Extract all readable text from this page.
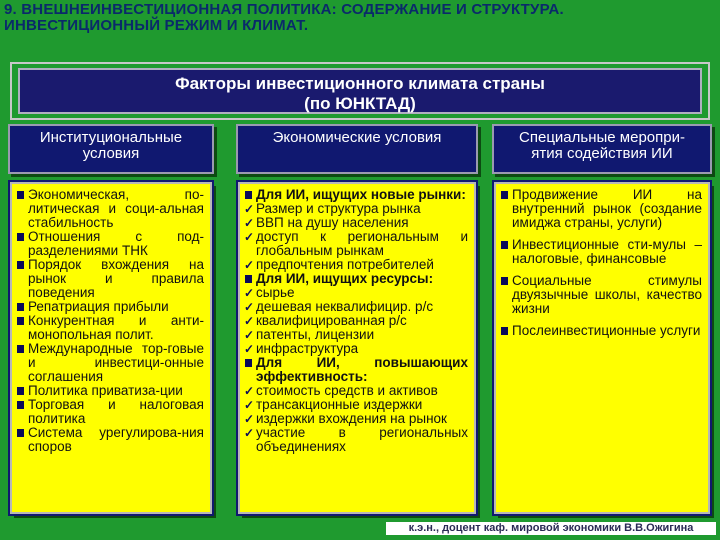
9. ВНЕШНЕИНВЕСТИЦИОННАЯ ПОЛИТИКА: СОДЕРЖАНИЕ И СТРУКТУРА.
ИНВЕСТИЦИОННЫЙ РЕЖИМ И КЛИМАТ.
Факторы инвестиционного климата страны
(по ЮНКТАД)
Институциональные
условия
Экономическая, по-литическая и соци-альная стабильность
Отношения с под-разделениями ТНК
Порядок вхождения на рынок и правила поведения
Репатриация прибыли
Конкурентная и анти-монопольная полит.
Международные тор-говые и инвестици-онные соглашения
Политика приватиза-ции
Торговая и налоговая политика
Система урегулирова-ния споров
Экономические условия
Для ИИ, ищущих новые рынки:
✓ Размер и структура рынка
✓ ВВП на душу населения
✓ доступ к региональным и глобальным рынкам
✓ предпочтения потребителей
Для ИИ, ищущих ресурсы:
✓ сырье
✓ дешевая неквалифицир. р/с
✓ квалифицированная р/с
✓ патенты, лицензии
✓ инфраструктура
Для ИИ, повышающих эффективность:
✓ стоимость средств и активов
✓ трансакционные издержки
✓ издержки вхождения на рынок
✓ участие в региональных объединениях
Специальные меропри-
ятия содействия ИИ
Продвижение ИИ на внутренний рынок (создание имиджа страны, услуги)
Инвестиционные сти-мулы – налоговые, финансовые
Социальные стимулы двуязычные школы, качество жизни
Послеинвестиционные услуги
к.э.н., доцент каф. мировой экономики В.В.Ожигина
